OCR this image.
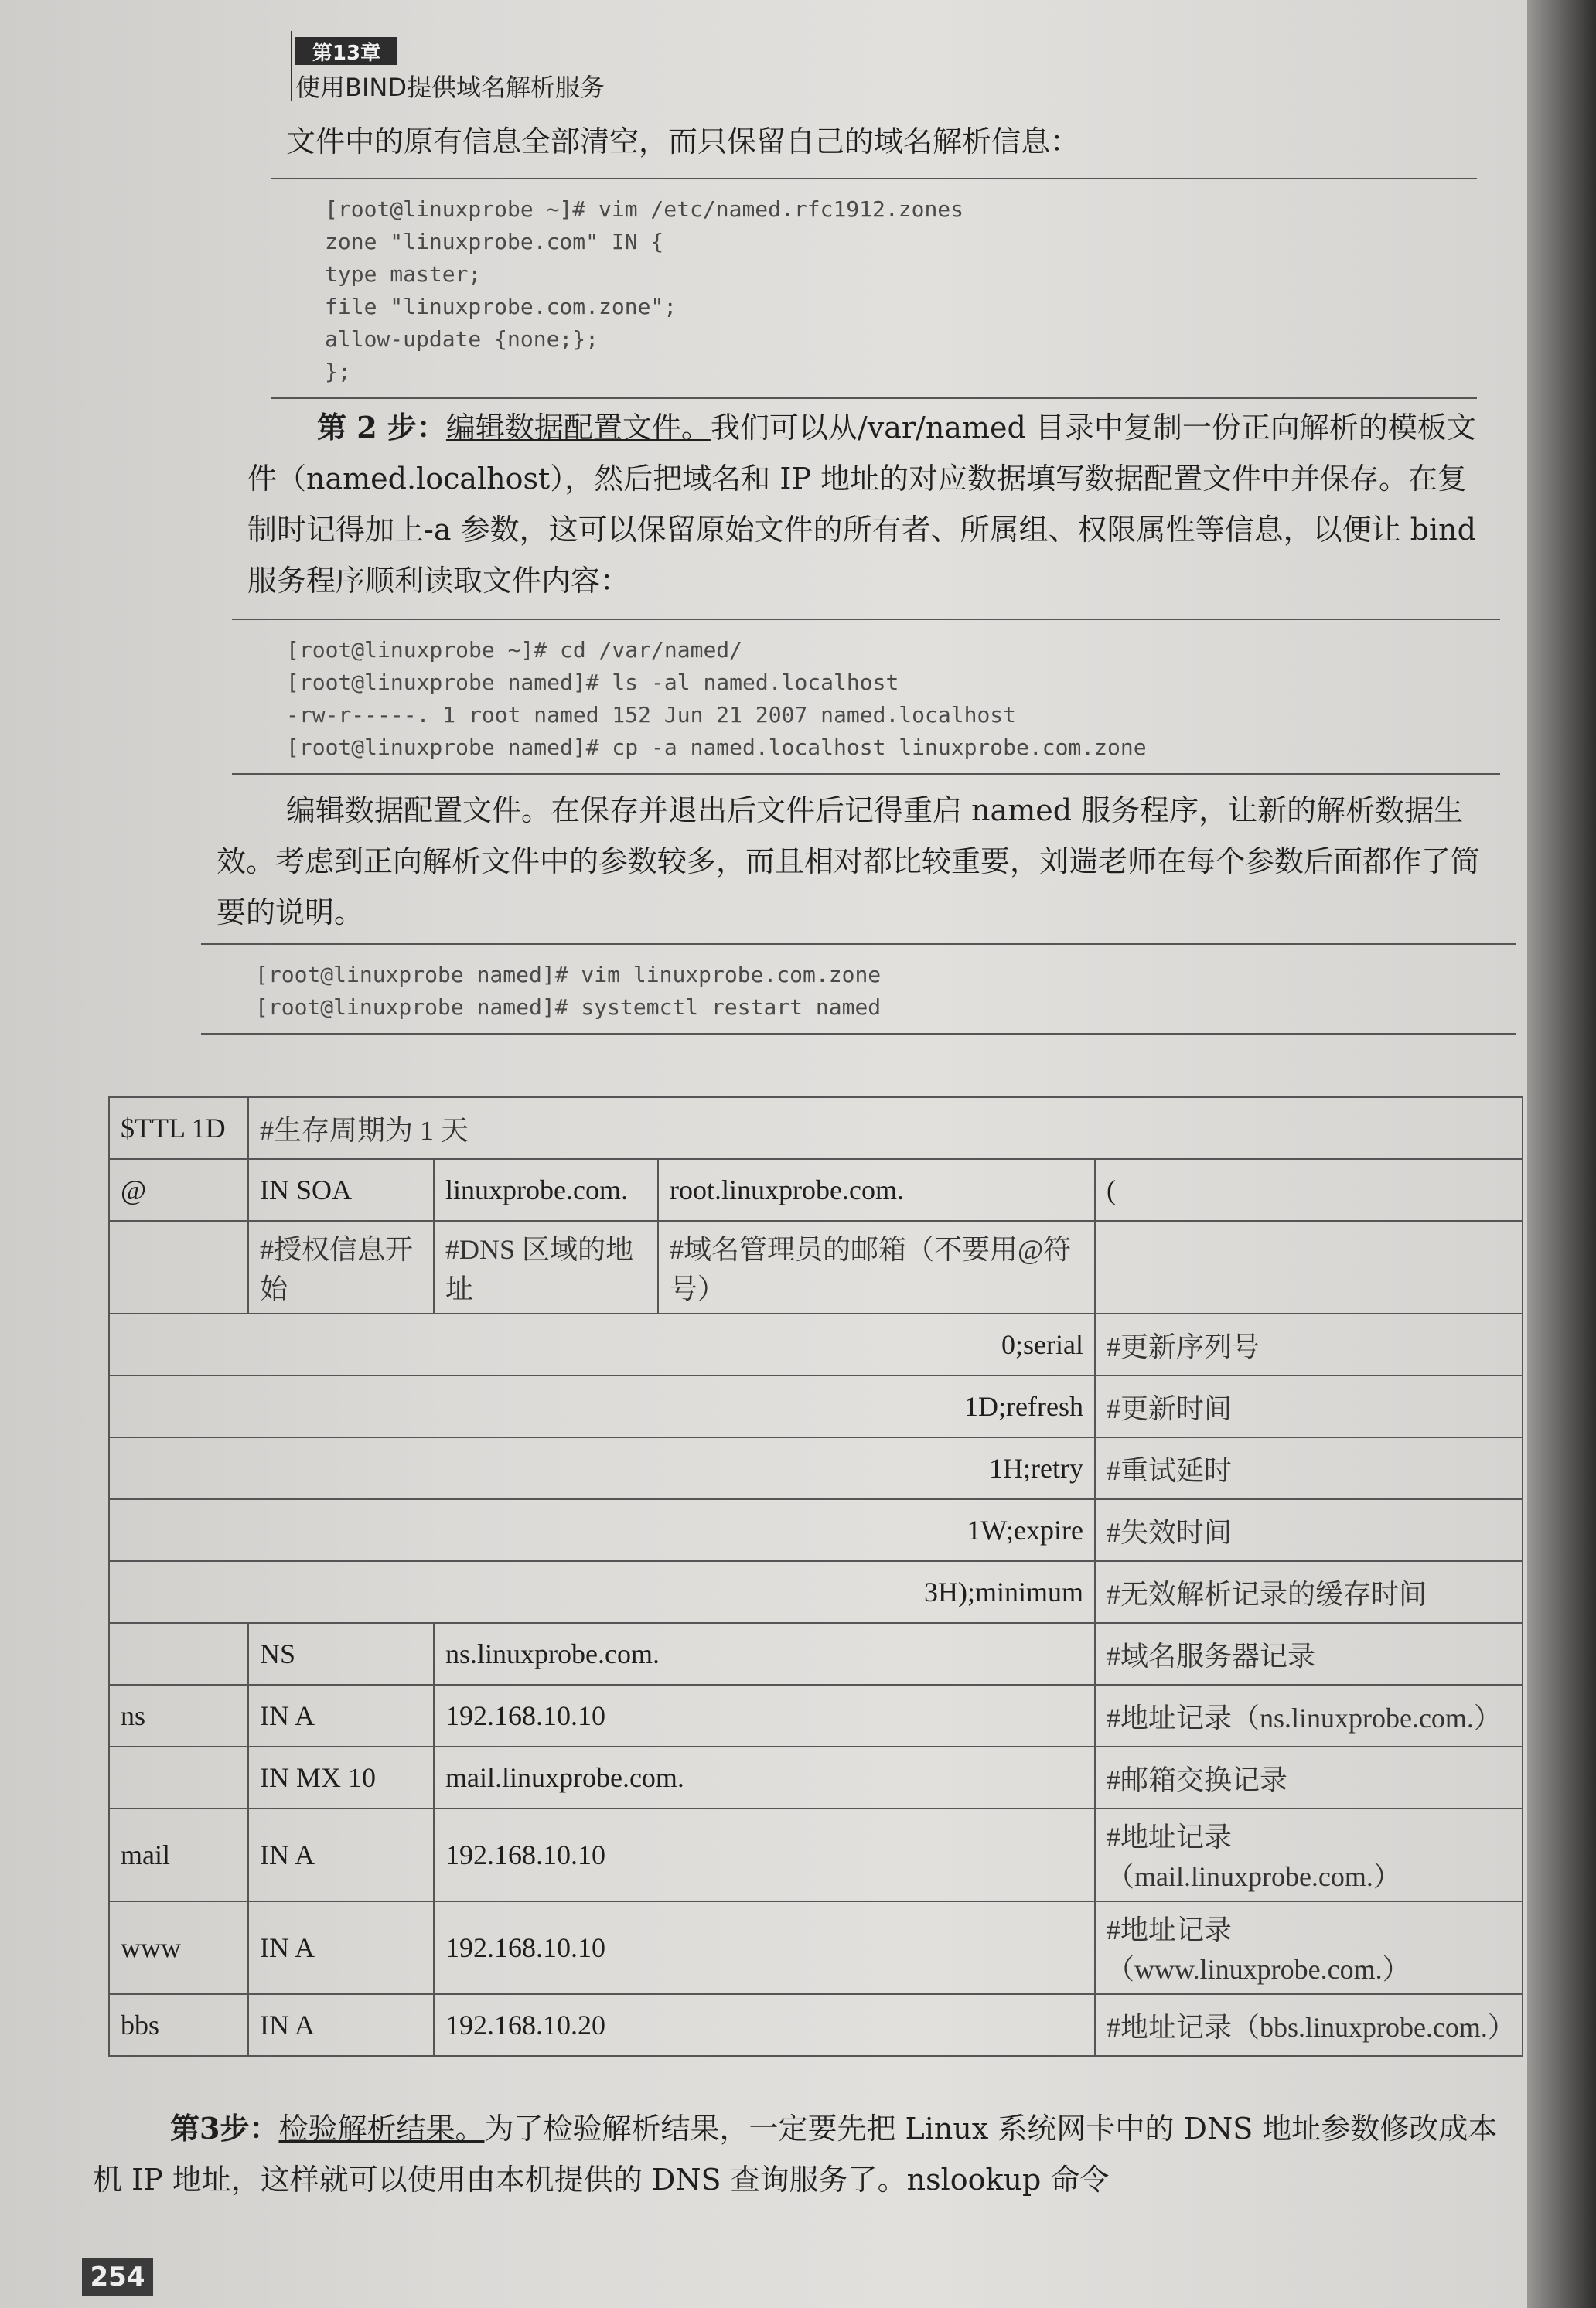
第13章
使用BIND提供域名解析服务
文件中的原有信息全部清空，而只保留自己的域名解析信息：
[root@linuxprobe ~]# vim /etc/named.rfc1912.zones
zone "linuxprobe.com" IN {
type master;
file "linuxprobe.com.zone";
allow-update {none;};
};
第 2 步：编辑数据配置文件。我们可以从/var/named 目录中复制一份正向解析的模板文件（named.localhost），然后把域名和 IP 地址的对应数据填写数据配置文件中并保存。在复制时记得加上-a 参数，这可以保留原始文件的所有者、所属组、权限属性等信息，以便让 bind 服务程序顺利读取文件内容：
[root@linuxprobe ~]# cd /var/named/
[root@linuxprobe named]# ls -al named.localhost
-rw-r-----. 1 root named 152 Jun 21 2007 named.localhost
[root@linuxprobe named]# cp -a named.localhost linuxprobe.com.zone
编辑数据配置文件。在保存并退出后文件后记得重启 named 服务程序，让新的解析数据生效。考虑到正向解析文件中的参数较多，而且相对都比较重要，刘遄老师在每个参数后面都作了简要的说明。
[root@linuxprobe named]# vim linuxprobe.com.zone
[root@linuxprobe named]# systemctl restart named
$TTL 1D	#生存周期为 1 天			
@	IN SOA	linuxprobe.com.	root.linuxprobe.com.	(
	#授权信息开始	#DNS 区域的地址	#域名管理员的邮箱（不要用@符号）	
0;serial				#更新序列号
1D;refresh				#更新时间
1H;retry				#重试延时
1W;expire				#失效时间
3H);minimum				#无效解析记录的缓存时间
	NS	ns.linuxprobe.com.		#域名服务器记录
ns	IN A	192.168.10.10		#地址记录（ns.linuxprobe.com.）
	IN MX 10	mail.linuxprobe.com.		#邮箱交换记录
mail	IN A	192.168.10.10		#地址记录（mail.linuxprobe.com.）
www	IN A	192.168.10.10		#地址记录（www.linuxprobe.com.）
bbs	IN A	192.168.10.20		#地址记录（bbs.linuxprobe.com.）
第3步：检验解析结果。为了检验解析结果，一定要先把 Linux 系统网卡中的 DNS 地址参数修改成本机 IP 地址，这样就可以使用由本机提供的 DNS 查询服务了。nslookup 命令
254
